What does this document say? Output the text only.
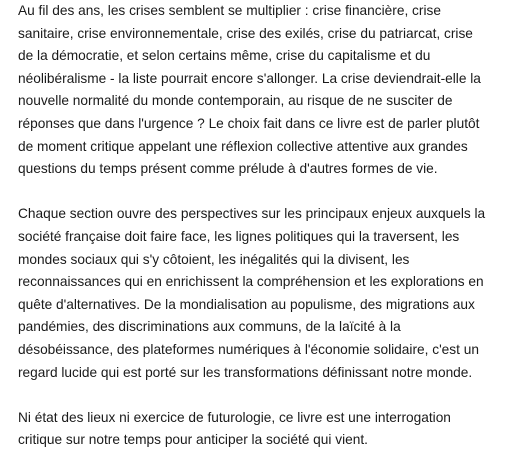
Au fil des ans, les crises semblent se multiplier : crise financière, crise
sanitaire, crise environnementale, crise des exilés, crise du patriarcat, crise
de la démocratie, et selon certains même, crise du capitalisme et du
néolibéralisme - la liste pourrait encore s'allonger. La crise deviendrait-elle la
nouvelle normalité du monde contemporain, au risque de ne susciter de
réponses que dans l'urgence ? Le choix fait dans ce livre est de parler plutôt
de moment critique appelant une réflexion collective attentive aux grandes
questions du temps présent comme prélude à d'autres formes de vie.
Chaque section ouvre des perspectives sur les principaux enjeux auxquels la
société française doit faire face, les lignes politiques qui la traversent, les
mondes sociaux qui s'y côtoient, les inégalités qui la divisent, les
reconnaissances qui en enrichissent la compréhension et les explorations en
quête d'alternatives. De la mondialisation au populisme, des migrations aux
pandémies, des discriminations aux communs, de la laïcité à la
désobéissance, des plateformes numériques à l'économie solidaire, c'est un
regard lucide qui est porté sur les transformations définissant notre monde.
Ni état des lieux ni exercice de futurologie, ce livre est une interrogation
critique sur notre temps pour anticiper la société qui vient.
